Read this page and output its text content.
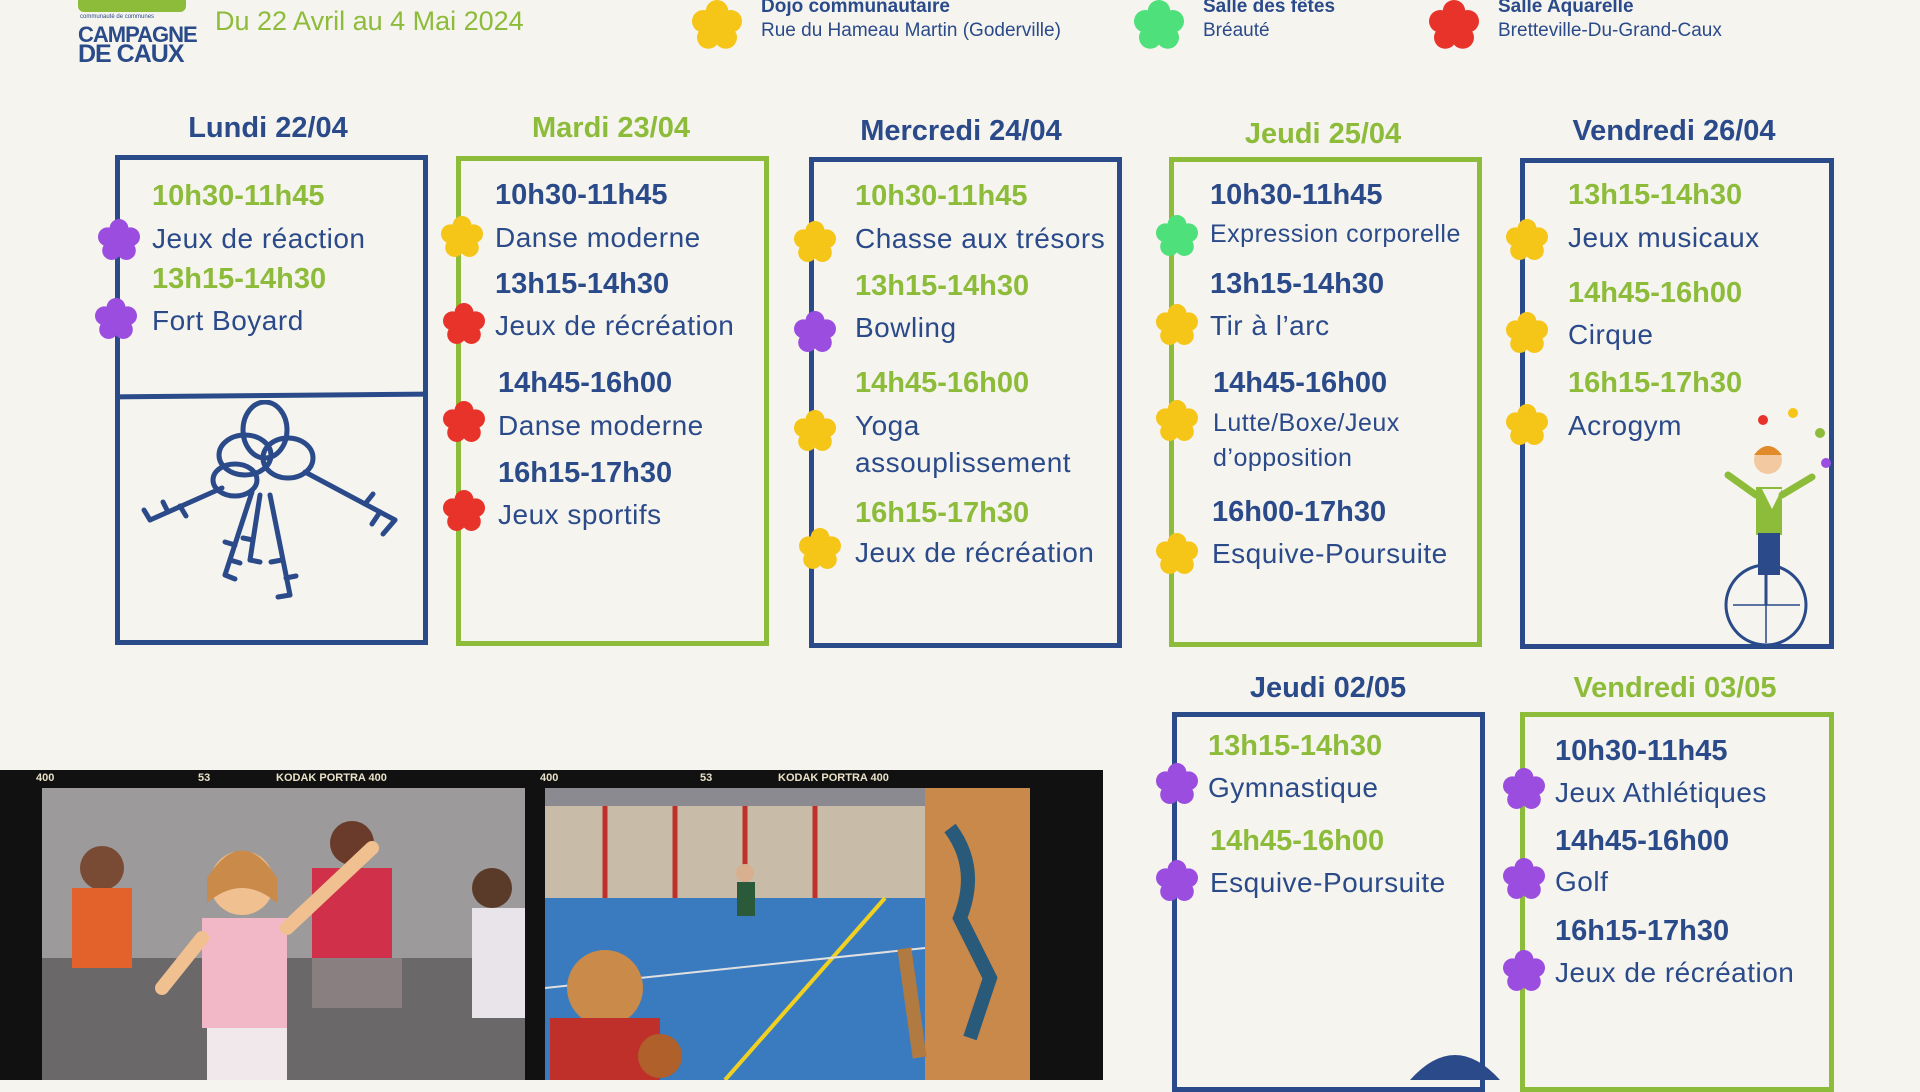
communauté de communes
CAMPAGNE
DE CAUX
Du 22 Avril au 4 Mai 2024	Dojo communautaire
Rue du Hameau Martin (Goderville)
Salle des fêtes
Bréauté
Salle Aquarelle
Bretteville-Du-Grand-Caux
Lundi 22/04	Mardi 23/04	Mercredi 24/04	Jeudi 25/04	Vendredi 26/04
Jeudi 02/05	Vendredi 03/05
10h30-11h45
Jeux de réaction
13h15-14h30
Fort Boyard
10h30-11h45
Danse moderne
13h15-14h30
Jeux de récréation
14h45-16h00
Danse moderne
16h15-17h30
Jeux sportifs
10h30-11h45
Chasse aux trésors
13h15-14h30
Bowling
14h45-16h00
Yoga
assouplissement
16h15-17h30
Jeux de récréation
10h30-11h45
Expression corporelle
13h15-14h30
Tir à l’arc
14h45-16h00
Lutte/Boxe/Jeux
d’opposition
16h00-17h30
Esquive-Poursuite
13h15-14h30
Jeux musicaux
14h45-16h00
Cirque
16h15-17h30
Acrogym
13h15-14h30
Gymnastique
14h45-16h00
Esquive-Poursuite
10h30-11h45
Jeux Athlétiques
14h45-16h00
Golf
16h15-17h30
Jeux de récréation
400	53	KODAK PORTRA 400	400	53	KODAK PORTRA 400
